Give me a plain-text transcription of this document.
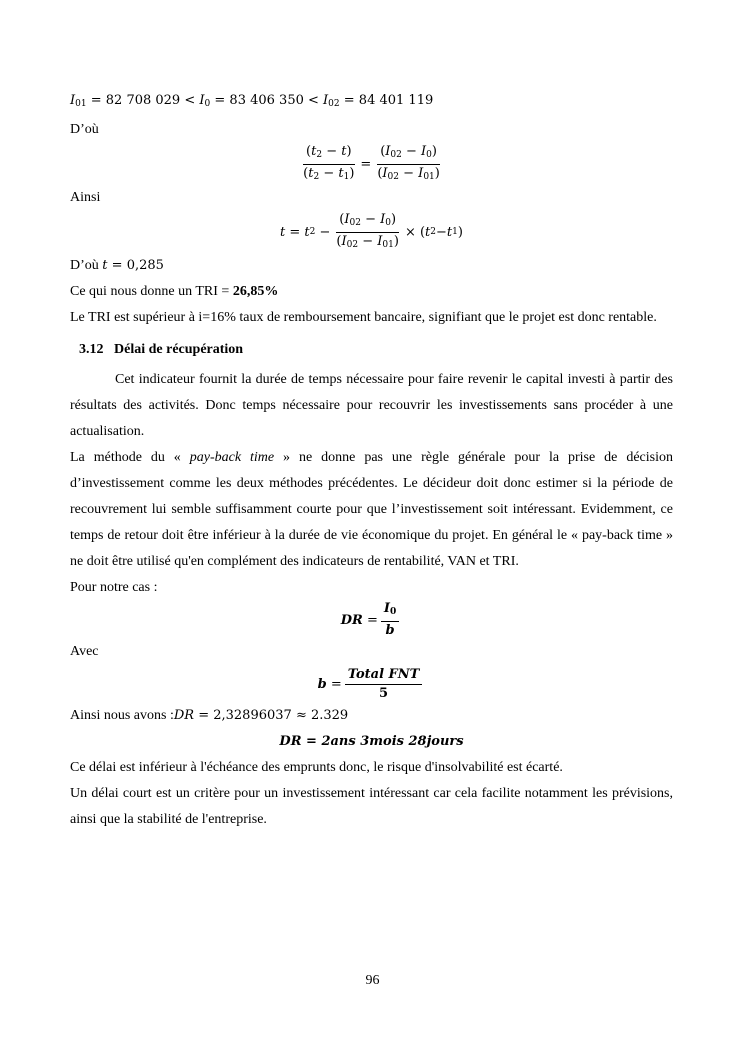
$I_{01} = 82$ 708 $029 < I_0 = 83$ 406 $350 < I_{02} = 84$ 401 119
D’où
$\frac{(t_2 - t)}{(t_2 - t_1)} = \frac{(I_{02} - I_0)}{(I_{02} - I_{01})}$
Ainsi
t = t $2 - \frac{(I_{02} - I_0)}{(I_{02} - I_{01})}$ × ( t 2 − t 1 )
D’où t = 0,285
Ce qui nous donne un TRI = 26,85%
Le TRI est supérieur à i=16% taux de remboursement bancaire, signifiant que le projet est donc rentable.
3.12 Délai de récupération
Cet indicateur fournit la durée de temps nécessaire pour faire revenir le capital investi à partir des résultats des activités. Donc temps nécessaire pour recouvrir les investissements sans procéder à une actualisation.
La méthode du « pay-back time » ne donne pas une règle générale pour la prise de décision d’investissement comme les deux méthodes précédentes. Le décideur doit donc estimer si la période de recouvrement lui semble suffisamment courte pour que l’investissement soit intéressant. Evidemment, ce temps de retour doit être inférieur à la durée de vie économique du projet. En général le « pay-back time » ne doit être utilisé qu'en complément des indicateurs de rentabilité, VAN et TRI.
Pour notre cas :
DR = $\frac{I_0}{b}$
Avec
$b = \frac{\text{Total FNT}}{5}$
Ainsi nous avons :DR = 2,32896037 ≈ 2.329
DR = 2ans 3mois 28jours
Ce délai est inférieur à l'échéance des emprunts donc, le risque d'insolvabilité est écarté.
Un délai court est un critère pour un investissement intéressant car cela facilite notamment les prévisions, ainsi que la stabilité de l'entreprise.
96
